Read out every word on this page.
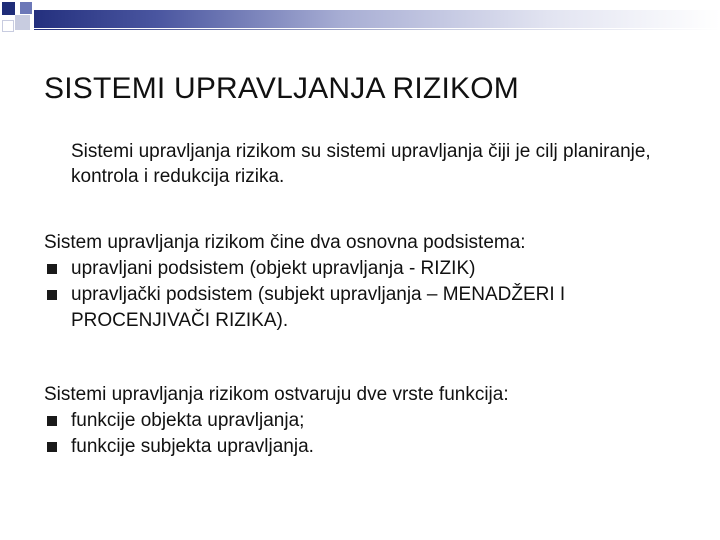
SISTEMI UPRAVLJANJA RIZIKOM
Sistemi upravljanja rizikom su sistemi upravljanja čiji je cilj planiranje, kontrola i redukcija rizika.
Sistem upravljanja rizikom čine dva osnovna podsistema:
upravljani podsistem (objekt upravljanja - RIZIK)
upravljački podsistem (subjekt upravljanja – MENADŽERI I PROCENJIVAČI RIZIKA).
Sistemi upravljanja rizikom ostvaruju dve vrste funkcija:
funkcije objekta upravljanja;
funkcije subjekta upravljanja.
